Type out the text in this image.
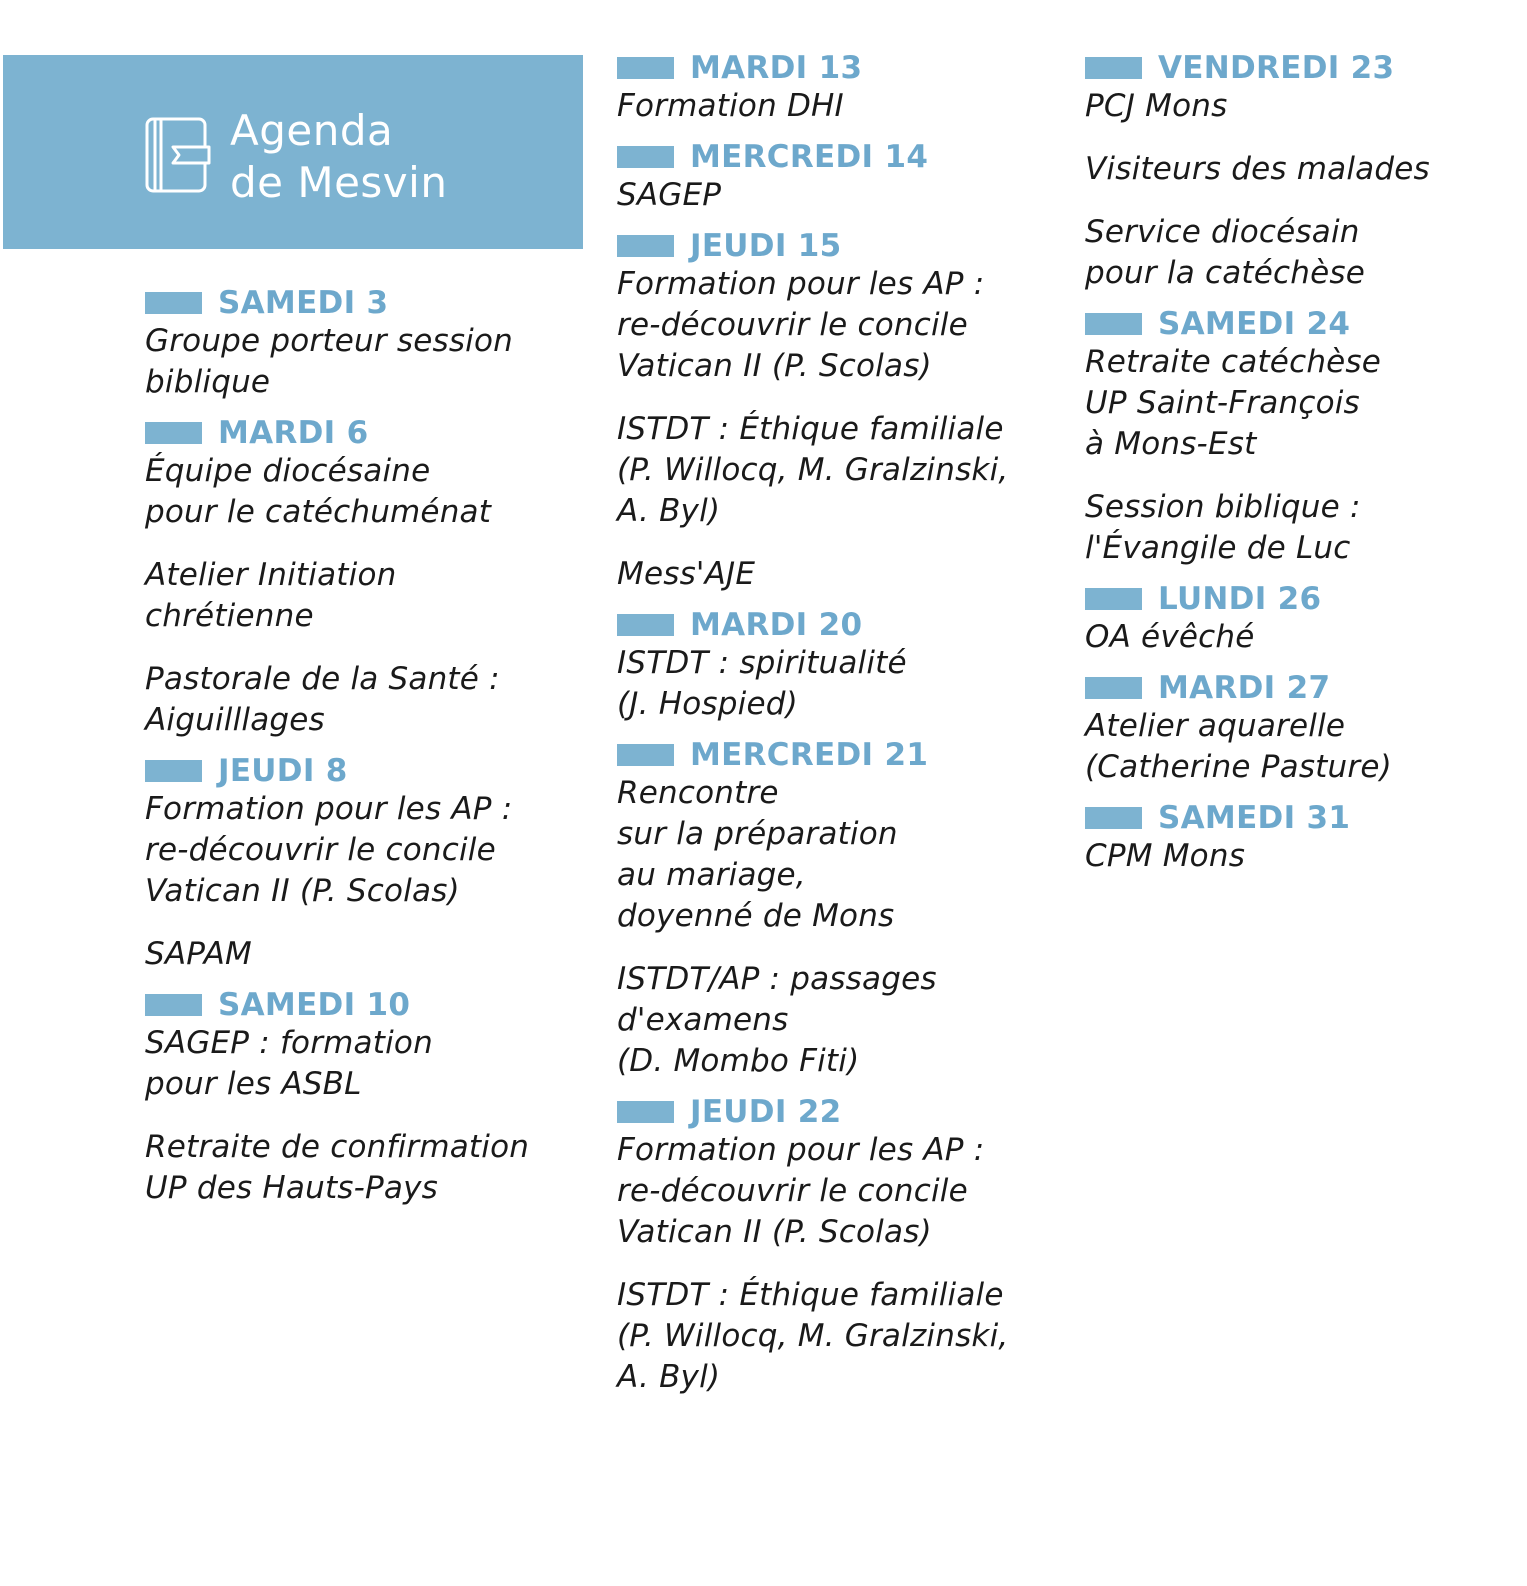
Agenda
de Mesvin
SAMEDI 3
Groupe porteur session
biblique
MARDI 6
Équipe diocésaine
pour le catéchuménat
Atelier Initiation
chrétienne
Pastorale de la Santé :
Aiguilllages
JEUDI 8
Formation pour les AP :
re-découvrir le concile
Vatican II (P. Scolas)
SAPAM
SAMEDI 10
SAGEP : formation
pour les ASBL
Retraite de confirmation
UP des Hauts-Pays
MARDI 13
Formation DHI
MERCREDI 14
SAGEP
JEUDI 15
Formation pour les AP :
re-découvrir le concile
Vatican II (P. Scolas)
ISTDT : Éthique familiale
(P. Willocq, M. Gralzinski,
A. Byl)
Mess'AJE
MARDI 20
ISTDT : spiritualité
(J. Hospied)
MERCREDI 21
Rencontre
sur la préparation
au mariage,
doyenné de Mons
ISTDT/AP : passages
d'examens
(D. Mombo Fiti)
JEUDI 22
Formation pour les AP :
re-découvrir le concile
Vatican II (P. Scolas)
ISTDT : Éthique familiale
(P. Willocq, M. Gralzinski,
A. Byl)
VENDREDI 23
PCJ Mons
Visiteurs des malades
Service diocésain
pour la catéchèse
SAMEDI 24
Retraite catéchèse
UP Saint-François
à Mons-Est
Session biblique :
l'Évangile de Luc
LUNDI 26
OA évêché
MARDI 27
Atelier aquarelle
(Catherine Pasture)
SAMEDI 31
CPM Mons
